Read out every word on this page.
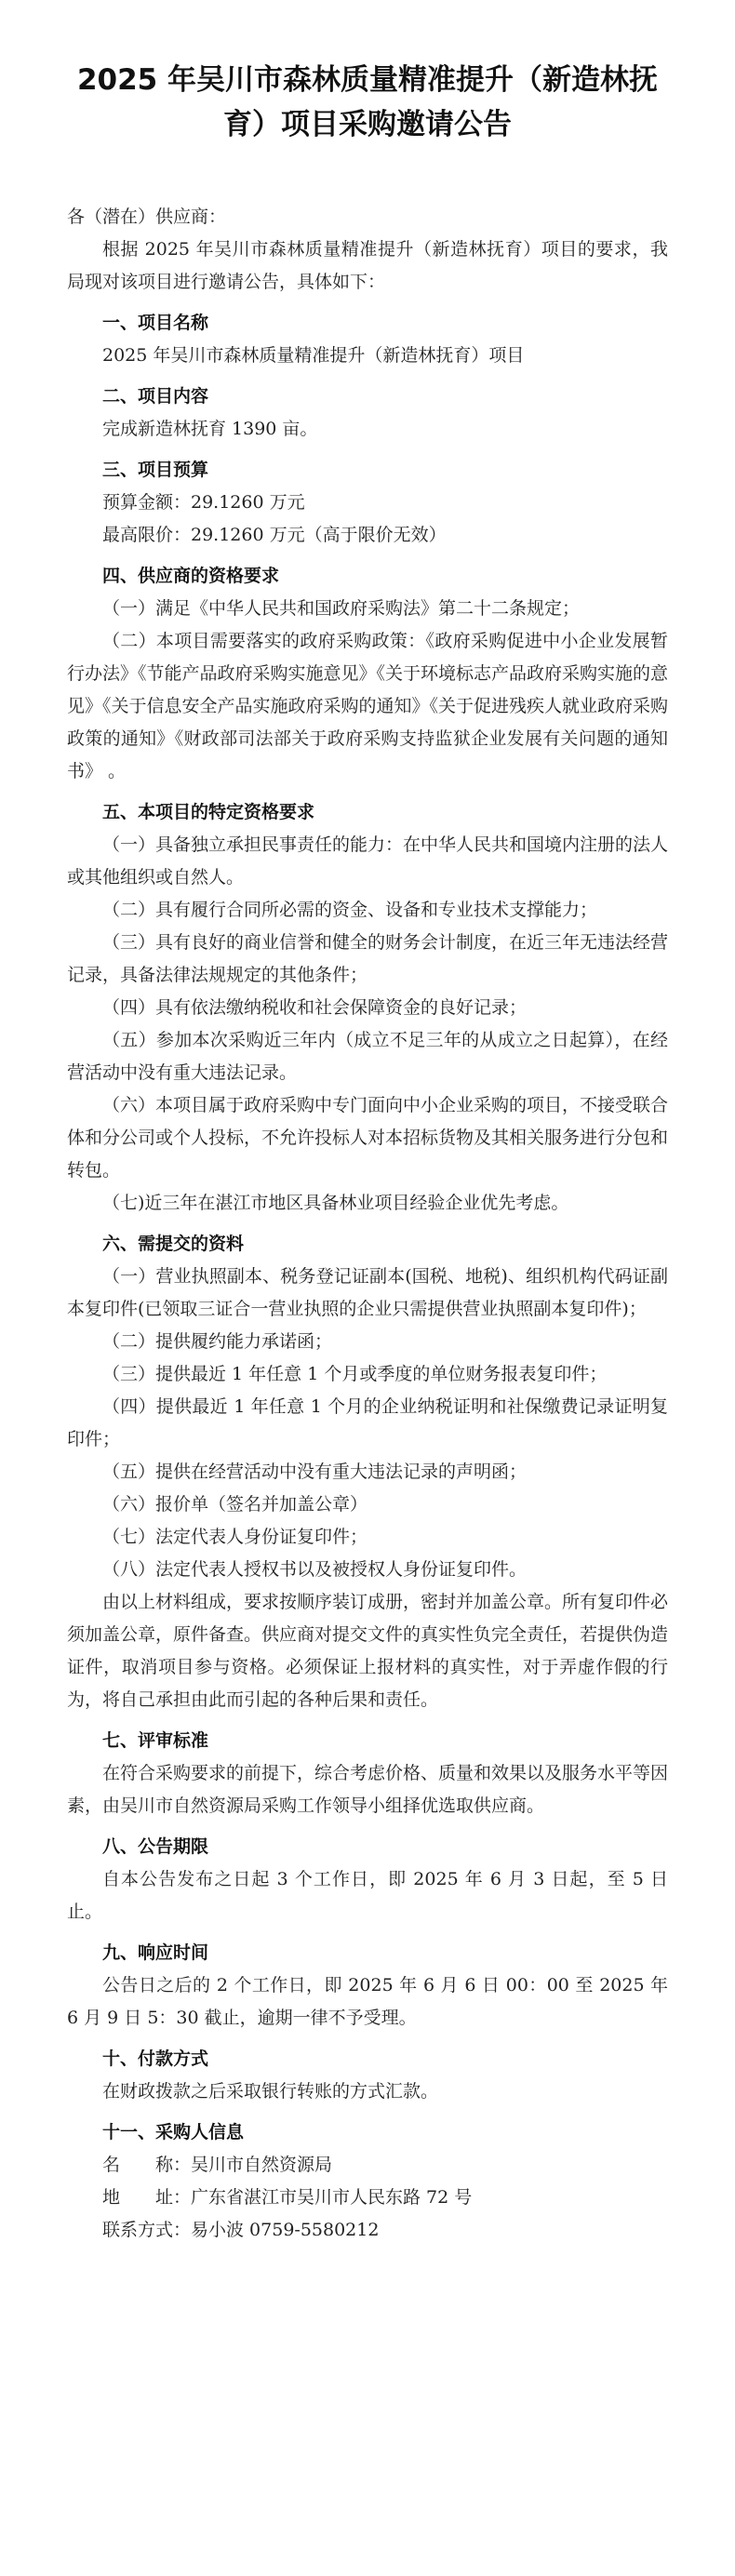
2025 年吴川市森林质量精准提升（新造林抚育）项目采购邀请公告

各（潜在）供应商：

根据 2025 年吴川市森林质量精准提升（新造林抚育）项目的要求，我局现对该项目进行邀请公告，具体如下：

一、项目名称

2025 年吴川市森林质量精准提升（新造林抚育）项目

二、项目内容

完成新造林抚育 1390 亩。

三、项目预算

预算金额：29.1260 万元

最高限价：29.1260 万元（高于限价无效）

四、供应商的资格要求

（一）满足《中华人民共和国政府采购法》第二十二条规定；

（二）本项目需要落实的政府采购政策：《政府采购促进中小企业发展暂行办法》《节能产品政府采购实施意见》《关于环境标志产品政府采购实施的意见》《关于信息安全产品实施政府采购的通知》《关于促进残疾人就业政府采购政策的通知》《财政部司法部关于政府采购支持监狱企业发展有关问题的通知书》 。

五、本项目的特定资格要求

（一）具备独立承担民事责任的能力：在中华人民共和国境内注册的法人或其他组织或自然人。

（二）具有履行合同所必需的资金、设备和专业技术支撑能力；

（三）具有良好的商业信誉和健全的财务会计制度，在近三年无违法经营记录，具备法律法规规定的其他条件；

（四）具有依法缴纳税收和社会保障资金的良好记录；

（五）参加本次采购近三年内（成立不足三年的从成立之日起算），在经营活动中没有重大违法记录。

（六）本项目属于政府采购中专门面向中小企业采购的项目，不接受联合体和分公司或个人投标，不允许投标人对本招标货物及其相关服务进行分包和转包。

（七)近三年在湛江市地区具备林业项目经验企业优先考虑。

六、需提交的资料

（一）营业执照副本、税务登记证副本(国税、地税)、组织机构代码证副本复印件(已领取三证合一营业执照的企业只需提供营业执照副本复印件)；

（二）提供履约能力承诺函；

（三）提供最近 1 年任意 1 个月或季度的单位财务报表复印件；

（四）提供最近 1 年任意 1 个月的企业纳税证明和社保缴费记录证明复印件；

（五）提供在经营活动中没有重大违法记录的声明函；

（六）报价单（签名并加盖公章）

（七）法定代表人身份证复印件；

（八）法定代表人授权书以及被授权人身份证复印件。

由以上材料组成，要求按顺序装订成册，密封并加盖公章。所有复印件必须加盖公章，原件备查。供应商对提交文件的真实性负完全责任，若提供伪造证件，取消项目参与资格。必须保证上报材料的真实性，对于弄虚作假的行为，将自己承担由此而引起的各种后果和责任。

七、评审标准

在符合采购要求的前提下，综合考虑价格、质量和效果以及服务水平等因素，由吴川市自然资源局采购工作领导小组择优选取供应商。

八、公告期限

自本公告发布之日起 3 个工作日，即 2025 年 6 月 3 日起，至 5 日止。

九、响应时间

公告日之后的 2 个工作日，即 2025 年 6 月 6 日 00：00 至 2025 年 6 月 9 日 5：30 截止，逾期一律不予受理。

十、付款方式

在财政拨款之后采取银行转账的方式汇款。

十一、采购人信息

名　　称：吴川市自然资源局

地　　址：广东省湛江市吴川市人民东路 72 号

联系方式：易小波 0759-5580212
